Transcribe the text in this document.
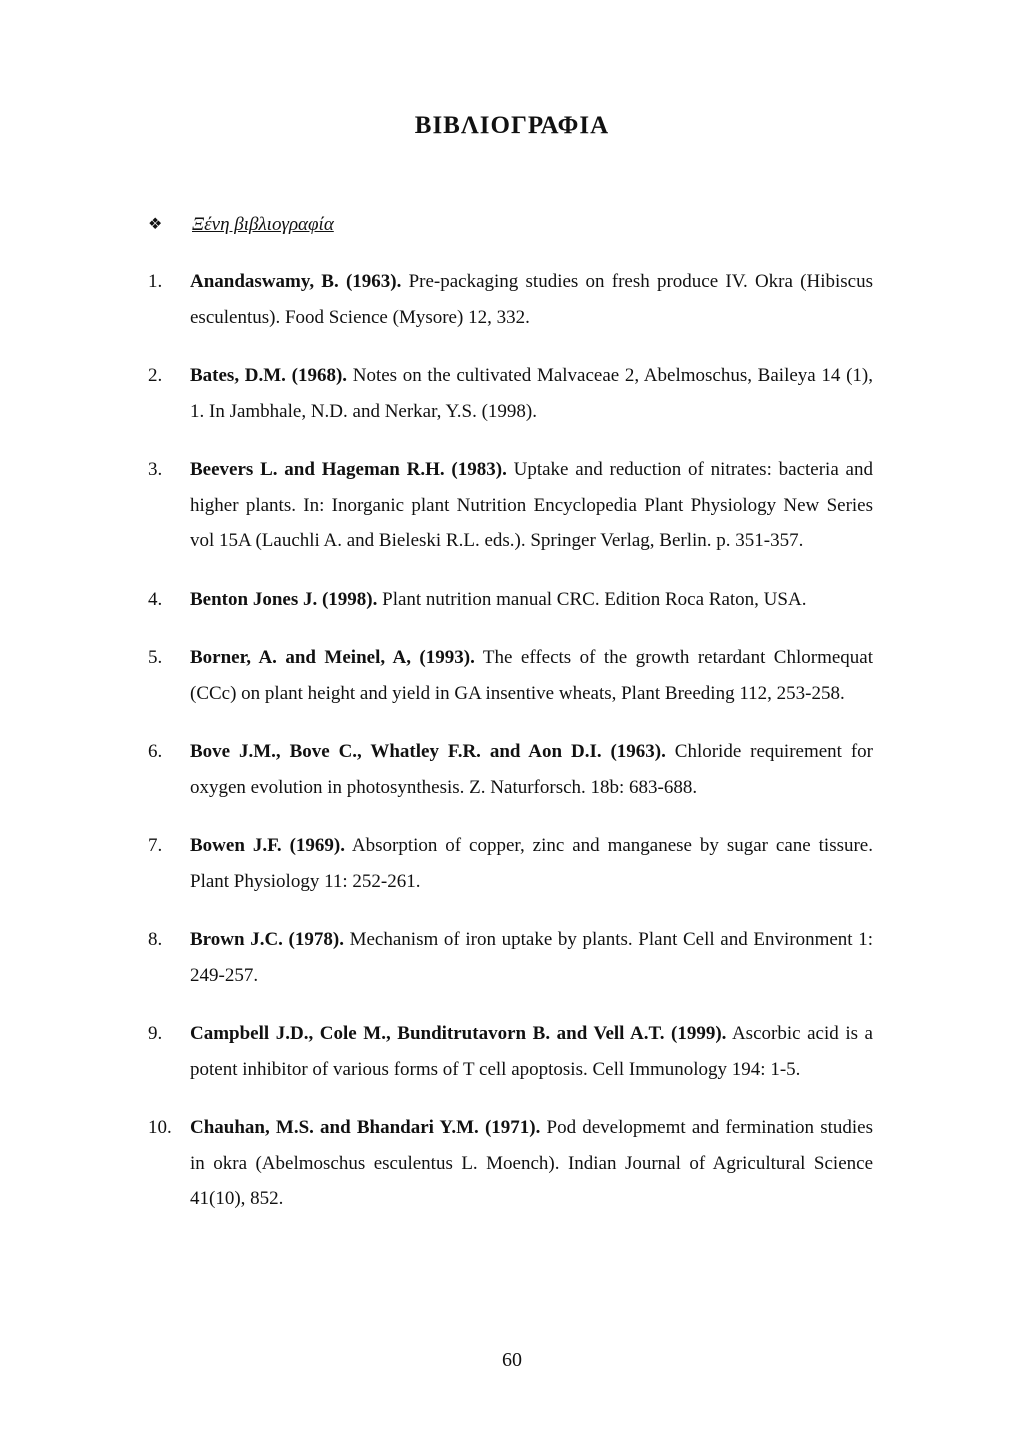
ΒΙΒΛΙΟΓΡΑΦΙΑ
❖ Ξένη βιβλιογραφία
1. Anandaswamy, B. (1963). Pre-packaging studies on fresh produce IV. Okra (Hibiscus esculentus). Food Science (Mysore) 12, 332.
2. Bates, D.M. (1968). Notes on the cultivated Malvaceae 2, Abelmoschus, Baileya 14 (1), 1. In Jambhale, N.D. and Nerkar, Y.S. (1998).
3. Beevers L. and Hageman R.H. (1983). Uptake and reduction of nitrates: bacteria and higher plants. In: Inorganic plant Nutrition Encyclopedia Plant Physiology New Series vol 15A (Lauchli A. and Bieleski R.L. eds.). Springer Verlag, Berlin. p. 351-357.
4. Benton Jones J. (1998). Plant nutrition manual CRC. Edition Roca Raton, USA.
5. Borner, A. and Meinel, A, (1993). The effects of the growth retardant Chlormequat (CCc) on plant height and yield in GA insentive wheats, Plant Breeding 112, 253-258.
6. Bove J.M., Bove C., Whatley F.R. and Aon D.I. (1963). Chloride requirement for oxygen evolution in photosynthesis. Z. Naturforsch. 18b: 683-688.
7. Bowen J.F. (1969). Absorption of copper, zinc and manganese by sugar cane tissure. Plant Physiology 11: 252-261.
8. Brown J.C. (1978). Mechanism of iron uptake by plants. Plant Cell and Environment 1: 249-257.
9. Campbell J.D., Cole M., Bunditrutavorn B. and Vell A.T. (1999). Ascorbic acid is a potent inhibitor of various forms of T cell apoptosis. Cell Immunology 194: 1-5.
10. Chauhan, M.S. and Bhandari Y.M. (1971). Pod developmemt and fermination studies in okra (Abelmoschus esculentus L. Moench). Indian Journal of Agricultural Science 41(10), 852.
60
